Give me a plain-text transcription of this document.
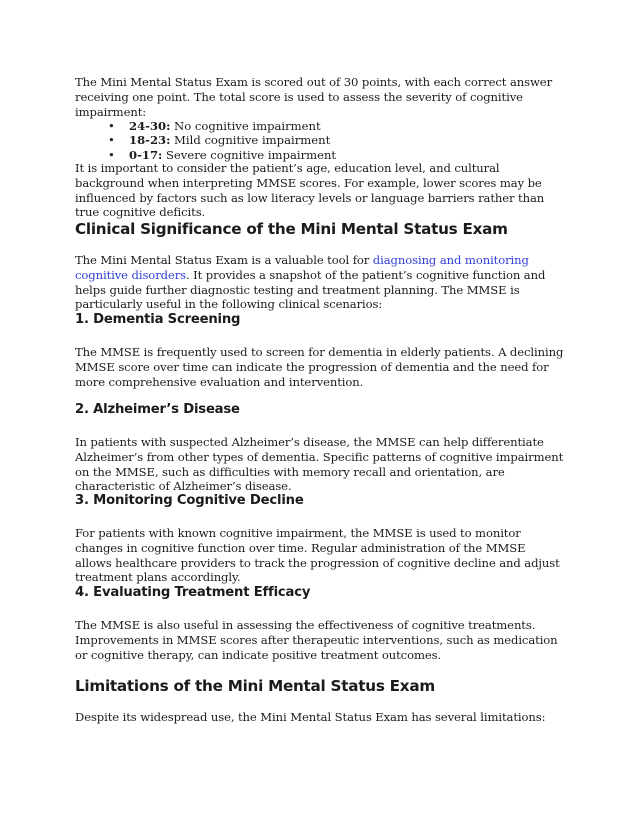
The Mini Mental Status Exam is scored out of 30 points, with each correct answer receiving one point. The total score is used to assess the severity of cognitive impairment:

• 24-30: No cognitive impairment
• 18-23: Mild cognitive impairment
• 0-17: Severe cognitive impairment

It is important to consider the patient’s age, education level, and cultural background when interpreting MMSE scores. For example, lower scores may be influenced by factors such as low literacy levels or language barriers rather than true cognitive deficits.

Clinical Significance of the Mini Mental Status Exam

The Mini Mental Status Exam is a valuable tool for diagnosing and monitoring cognitive disorders. It provides a snapshot of the patient’s cognitive function and helps guide further diagnostic testing and treatment planning. The MMSE is particularly useful in the following clinical scenarios:

1. Dementia Screening

The MMSE is frequently used to screen for dementia in elderly patients. A declining MMSE score over time can indicate the progression of dementia and the need for more comprehensive evaluation and intervention.

2. Alzheimer’s Disease

In patients with suspected Alzheimer’s disease, the MMSE can help differentiate Alzheimer’s from other types of dementia. Specific patterns of cognitive impairment on the MMSE, such as difficulties with memory recall and orientation, are characteristic of Alzheimer’s disease.

3. Monitoring Cognitive Decline

For patients with known cognitive impairment, the MMSE is used to monitor changes in cognitive function over time. Regular administration of the MMSE allows healthcare providers to track the progression of cognitive decline and adjust treatment plans accordingly.

4. Evaluating Treatment Efficacy

The MMSE is also useful in assessing the effectiveness of cognitive treatments. Improvements in MMSE scores after therapeutic interventions, such as medication or cognitive therapy, can indicate positive treatment outcomes.

Limitations of the Mini Mental Status Exam

Despite its widespread use, the Mini Mental Status Exam has several limitations:
